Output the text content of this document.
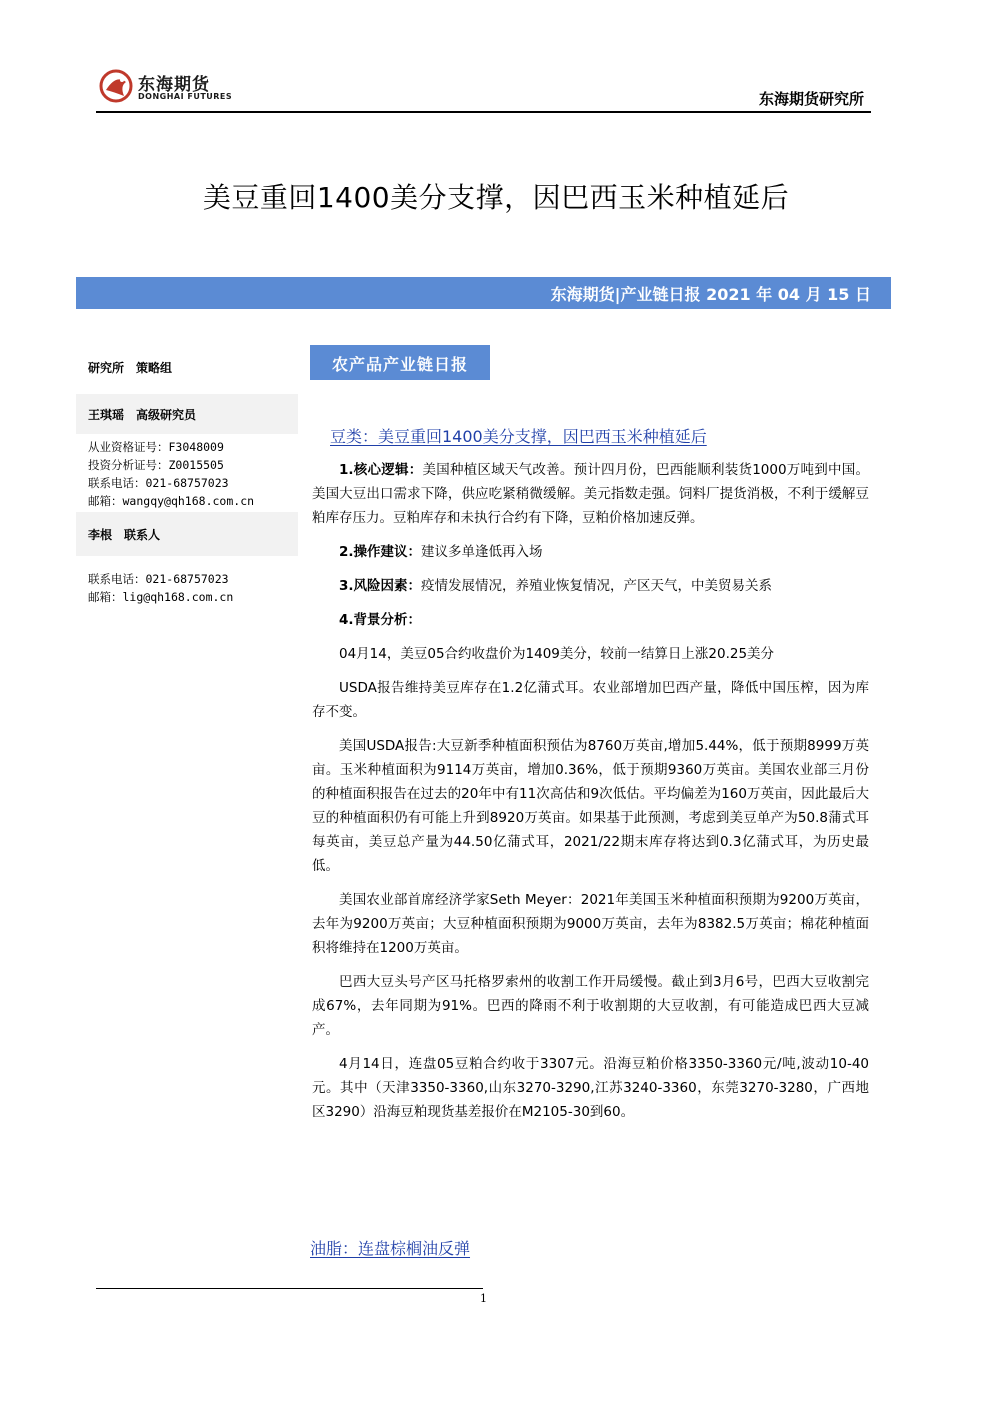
东海期货
DONGHAI FUTURES	东海期货研究所
美豆重回1400美分支撑，因巴西玉米种植延后
东海期货|产业链日报 2021 年 04 月 15 日
研究所　策略组
王琪瑶　高级研究员
从业资格证号：F3048009
投资分析证号：Z0015505
联系电话：021-68757023
邮箱：wangqy@qh168.com.cn
李根　联系人
联系电话：021-68757023
邮箱：lig@qh168.com.cn
农产品产业链日报
豆类：美豆重回1400美分支撑，因巴西玉米种植延后

1.核心逻辑：美国种植区域天气改善。预计四月份，巴西能顺利装货1000万吨到中国。美国大豆出口需求下降，供应吃紧稍微缓解。美元指数走强。饲料厂提货消极，不利于缓解豆粕库存压力。豆粕库存和未执行合约有下降，豆粕价格加速反弹。

2.操作建议：建议多单逢低再入场

3.风险因素：疫情发展情况，养殖业恢复情况，产区天气，中美贸易关系

4.背景分析：

04月14，美豆05合约收盘价为1409美分，较前一结算日上涨20.25美分

USDA报告维持美豆库存在1.2亿蒲式耳。农业部增加巴西产量，降低中国压榨，因为库存不变。

美国USDA报告:大豆新季种植面积预估为8760万英亩,增加5.44%，低于预期8999万英亩。玉米种植面积为9114万英亩，增加0.36%，低于预期9360万英亩。美国农业部三月份的种植面积报告在过去的20年中有11次高估和9次低估。平均偏差为160万英亩，因此最后大豆的种植面积仍有可能上升到8920万英亩。如果基于此预测，考虑到美豆单产为50.8蒲式耳每英亩，美豆总产量为44.50亿蒲式耳，2021/22期末库存将达到0.3亿蒲式耳，为历史最低。

美国农业部首席经济学家Seth Meyer：2021年美国玉米种植面积预期为9200万英亩，去年为9200万英亩；大豆种植面积预期为9000万英亩，去年为8382.5万英亩；棉花种植面积将维持在1200万英亩。

巴西大豆头号产区马托格罗索州的收割工作开局缓慢。截止到3月6号，巴西大豆收割完成67%，去年同期为91%。巴西的降雨不利于收割期的大豆收割，有可能造成巴西大豆减产。

4月14日，连盘05豆粕合约收于3307元。沿海豆粕价格3350-3360元/吨,波动10-40元。其中（天津3350-3360,山东3270-3290,江苏3240-3360，东莞3270-3280，广西地区3290）沿海豆粕现货基差报价在M2105-30到60。

油脂：连盘棕榈油反弹
1
